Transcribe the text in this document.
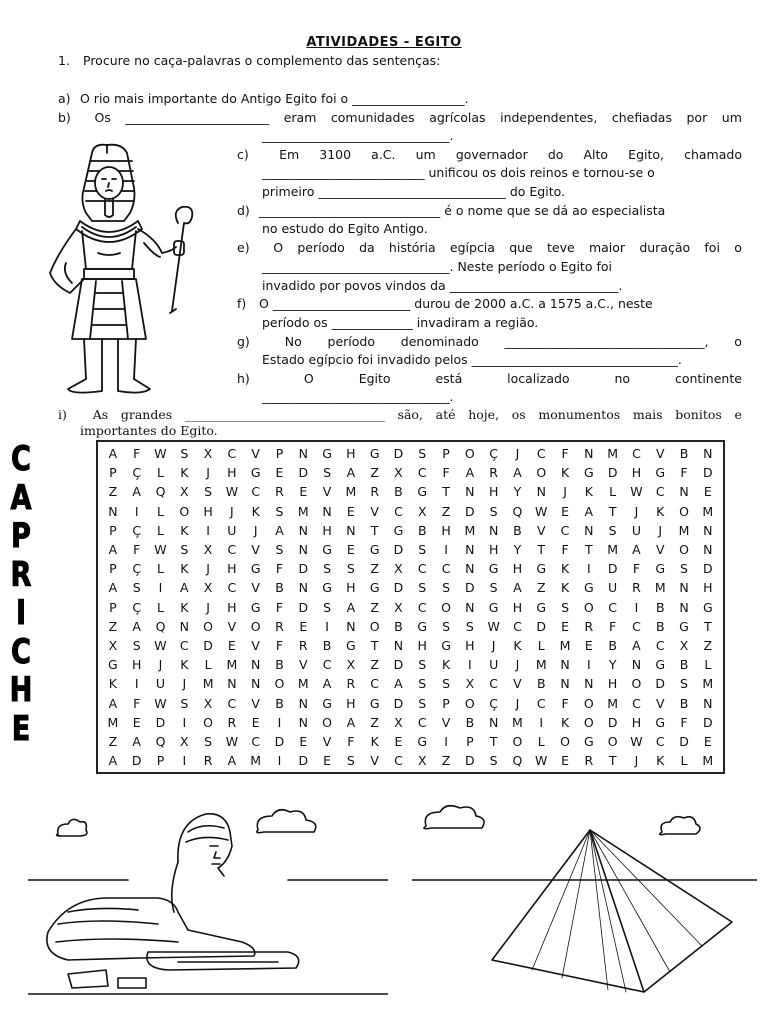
ATIVIDADES - EGITO
1. Procure no caça-palavras o complemento das sentenças:
a) O rio mais importante do Antigo Egito foi o __________________.
b)	Os _______________________ eram comunidades agrícolas independentes, chefiadas por um
______________________________.
c)	Em 3100 a.C. um governador do Alto Egito, chamado
__________________________ unificou os dois reinos e tornou-se o
primeiro ______________________________ do Egito.
d) _____________________________ é o nome que se dá ao especialista
no estudo do Egito Antigo.
e)	O período da história egípcia que teve maior duração foi o
______________________________. Neste período o Egito foi
invadido por povos vindos da ___________________________.
f) O ______________________ durou de 2000 a.C. a 1575 a.C., neste
período os _____________ invadiram a região.
g)	No período denominado ________________________________, o
Estado egípcio foi invadido pelos _________________________________.
h)	O	Egito	está	localizado	no	continente
______________________________.
i)	As grandes ________________________________ são, até hoje, os monumentos mais bonitos e
importantes do Egito.
C
A
P
R
I
C
H
E
A	F	W	S	X	C	V	P	N	G	H	G	D	S	P	O	Ç	J	C	F	N	M	C	V	B	N
P	Ç	L	K	J	H	G	E	D	S	A	Z	X	C	F	A	R	A	O	K	G	D	H	G	F	D
Z	A	Q	X	S	W	C	R	E	V	M	R	B	G	T	N	H	Y	N	J	K	L	W	C	N	E
N	I	L	O	H	J	K	S	M	N	E	V	C	X	Z	D	S	Q	W	E	A	T	J	K	O	M
P	Ç	L	K	I	U	J	A	N	H	N	T	G	B	H	M	N	B	V	C	N	S	U	J	M	N
A	F	W	S	X	C	V	S	N	G	E	G	D	S	I	N	H	Y	T	F	T	M	A	V	O	N
P	Ç	L	K	J	H	G	F	D	S	S	Z	X	C	C	N	G	H	G	K	I	D	F	G	S	D
A	S	I	A	X	C	V	B	N	G	H	G	D	S	S	D	S	A	Z	K	G	U	R	M	N	H
P	Ç	L	K	J	H	G	F	D	S	A	Z	X	C	O	N	G	H	G	S	O	C	I	B	N	G
Z	A	Q	N	O	V	O	R	E	I	N	O	B	G	S	S	W	C	D	E	R	F	C	B	G	T
X	S	W	C	D	E	V	F	R	B	G	T	N	H	G	H	J	K	L	M	E	B	A	C	X	Z
G	H	J	K	L	M	N	B	V	C	X	Z	D	S	K	I	U	J	M	N	I	Y	N	G	B	L
K	I	U	J	M	N	N	O	M	A	R	C	A	S	S	X	C	V	B	N	N	H	O	D	S	M
A	F	W	S	X	C	V	B	N	G	H	G	D	S	P	O	Ç	J	C	F	O	M	C	V	B	N
M	E	D	I	O	R	E	I	N	O	A	Z	X	C	V	B	N	M	I	K	O	D	H	G	F	D
Z	A	Q	X	S	W	C	D	E	V	F	K	E	G	I	P	T	O	L	O	G	O	W	C	D	E
A	D	P	I	R	A	M	I	D	E	S	V	C	X	Z	D	S	Q	W	E	R	T	J	K	L	M
